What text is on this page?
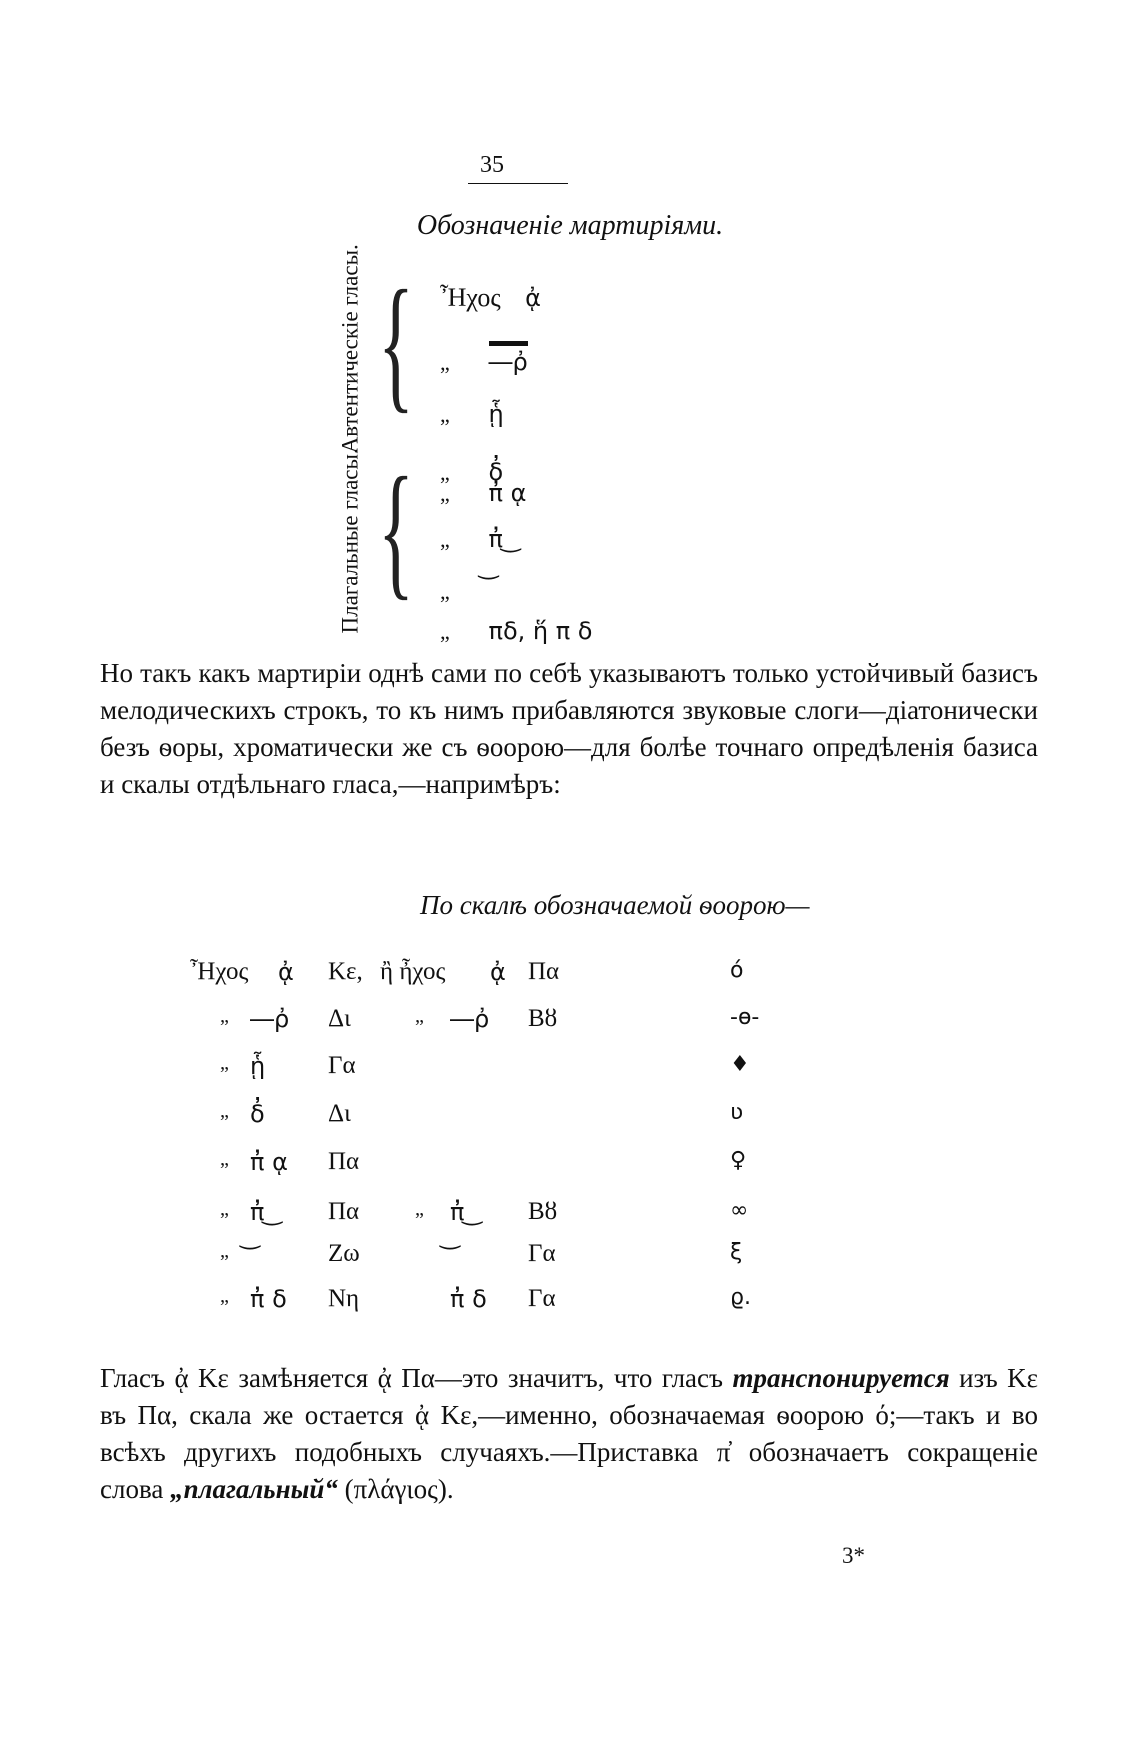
35
Обозначеніе мартиріями.
Автентическіе гласы. { Ἦχος ᾀ
„ ―ῤ
„ ᾗ
„ δ̓
Плагальные гласы. { „ π̓ ᾳ
„ π̓ ͜
„
„ πδ, ἥ π δ

Но такъ какъ мартиріи однѣ сами по себѣ указываютъ только устойчивый базисъ мелодическихъ строкъ, то къ нимъ прибавляются звуковые слоги—діатонически безъ ѳоры, хроматически же съ ѳоорою—для болѣе точнаго опредѣленія базиса и скалы отдѣльнаго гласа,—напримѣръ:

По скалѣ обозначаемой ѳоорою—
Ἦχος ᾀ Κε, ἢ ἦχος ᾀ Πα	ό
„ ―ῤ Δι	„ ―ῤ Βȣ	-ө-
„ ᾗ	Γα	♦
„ δ̓	Δι	ʋ
„ π̓ ᾳ Πα	♀
„ π̓ ͜ Πα	„ π̓ ͜ Βȣ	∞
„	Ζω	Γα	ξ
„ π̓ δ Νη	π̓ δ Γα	ϱ.

Гласъ ᾀ Κε замѣняется ᾀ Πα—это значитъ, что гласъ транспонируется изъ Κε въ Πα, скала же остается ᾀ Κε,—именно, обозначаемая ѳоорою ό;—такъ и во всѣхъ другихъ подобныхъ случаяхъ.—Приставка π̓ обозначаетъ сокращеніе слова „плагальный“ (πλάγιος).

3*
